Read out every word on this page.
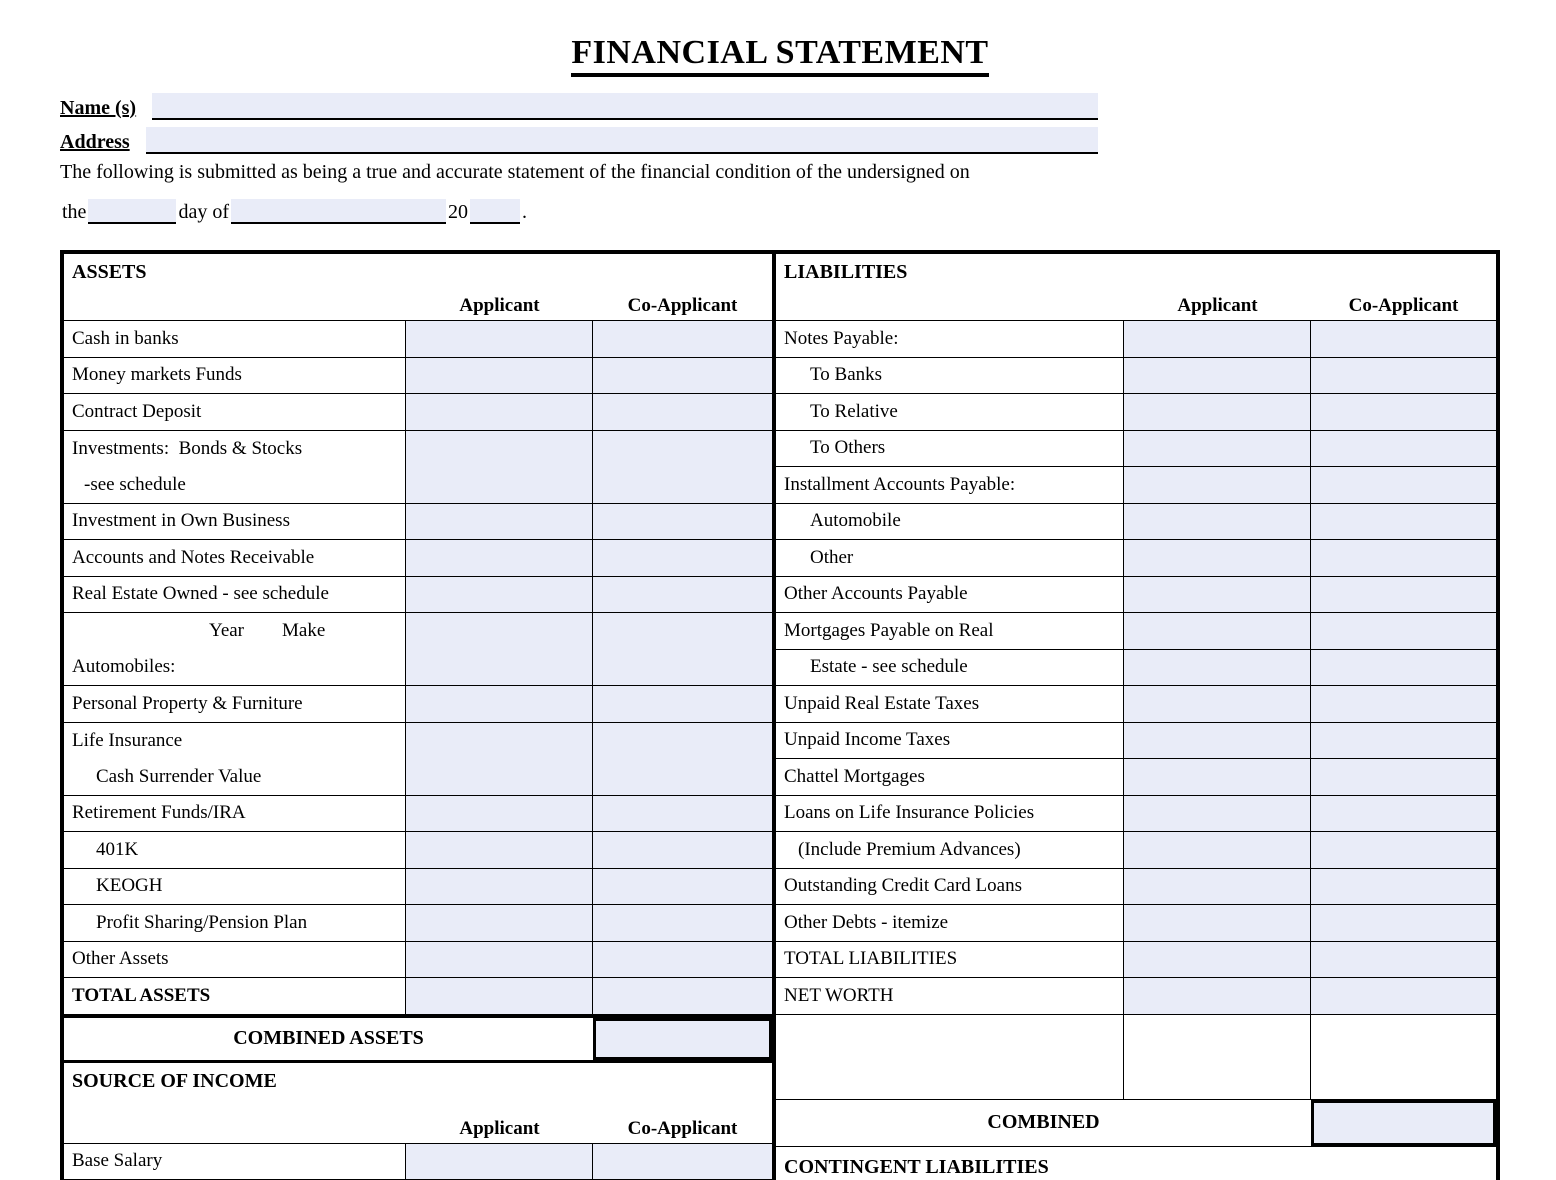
FINANCIAL STATEMENT
Name (s)
Address

The following is submitted as being a true and accurate statement of the financial condition of the undersigned on

the	day of	20	.
ASSETS
Applicant	Co-Applicant
Cash in banks
Money markets Funds
Contract Deposit
Investments:  Bonds & Stocks
-see schedule
Investment in Own Business
Accounts and Notes Receivable
Real Estate Owned - see schedule
Year        Make
Automobiles:
Personal Property & Furniture
Life Insurance
Cash Surrender Value
Retirement Funds/IRA
401K
KEOGH
Profit Sharing/Pension Plan
Other Assets
TOTAL ASSETS
COMBINED ASSETS
SOURCE OF INCOME
Applicant	Co-Applicant
Base Salary
LIABILITIES
Applicant	Co-Applicant
Notes Payable:
To Banks
To Relative
To Others
Installment Accounts Payable:
Automobile
Other
Other Accounts Payable
Mortgages Payable on Real
Estate - see schedule
Unpaid Real Estate Taxes
Unpaid Income Taxes
Chattel Mortgages
Loans on Life Insurance Policies
(Include Premium Advances)
Outstanding Credit Card Loans
Other Debts - itemize
TOTAL LIABILITIES
NET WORTH
COMBINED
CONTINGENT LIABILITIES
